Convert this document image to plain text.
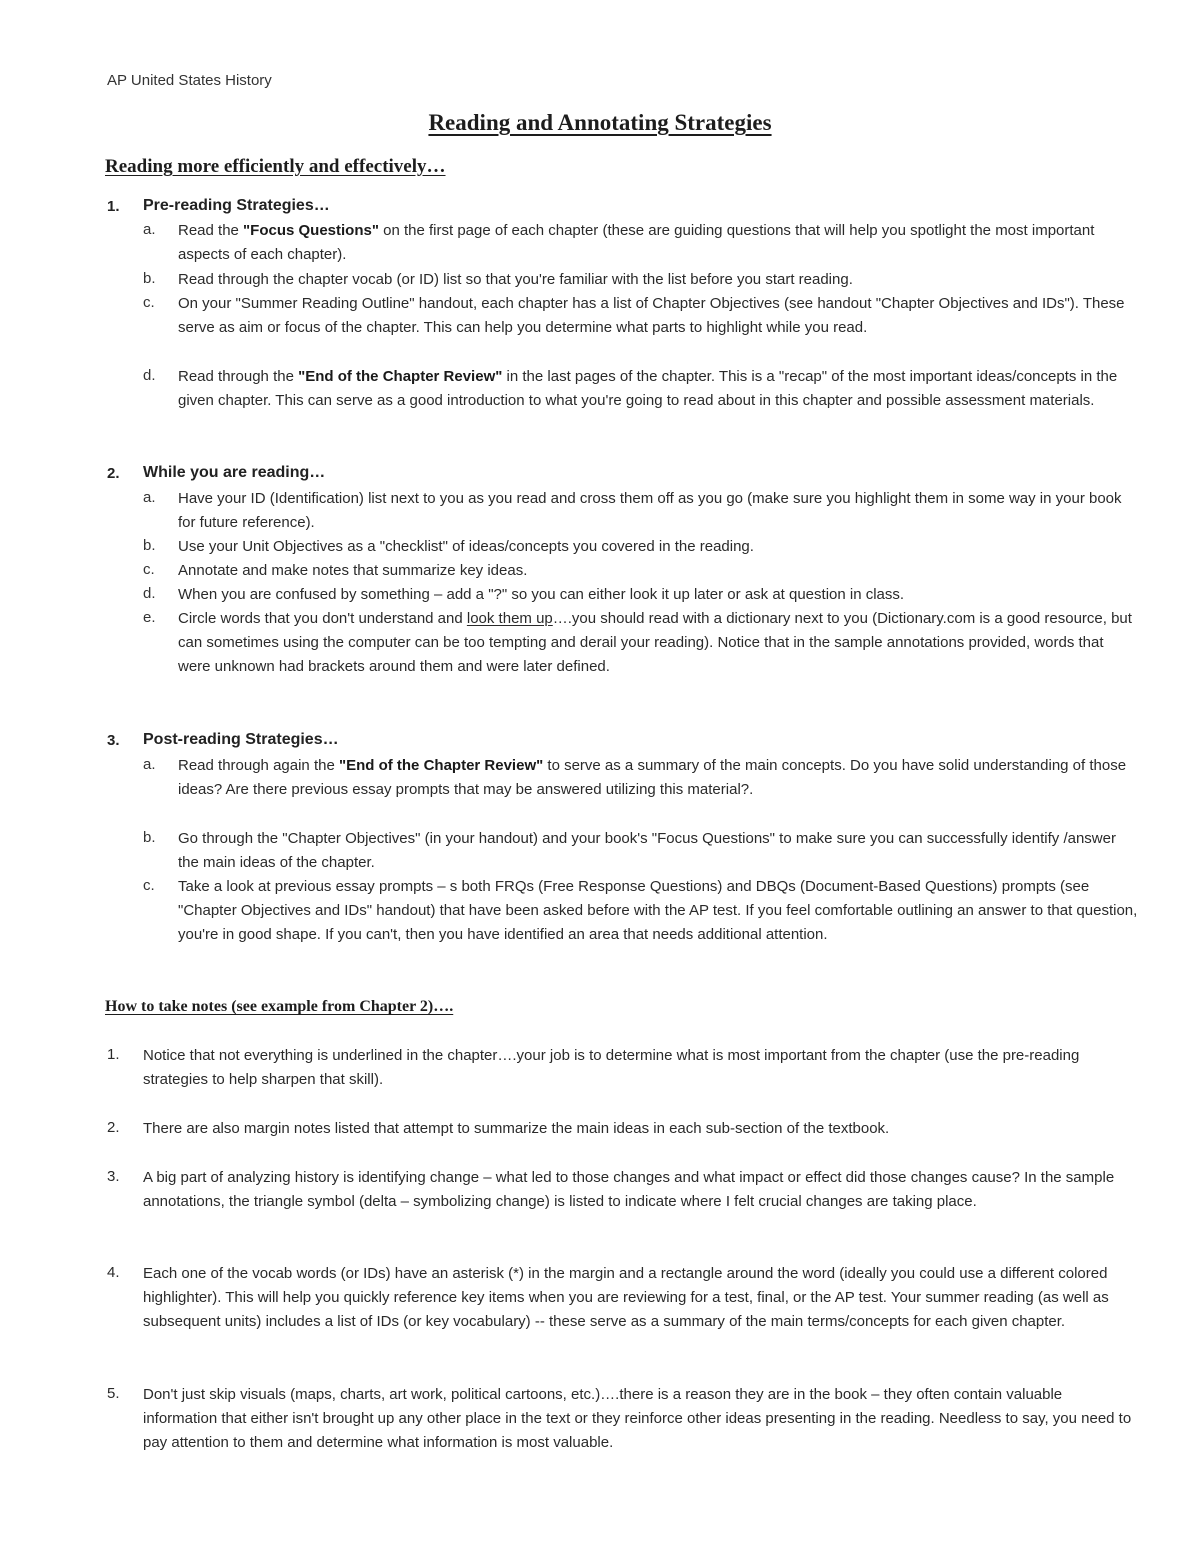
AP United States History
Reading and Annotating Strategies
Reading more efficiently and effectively…
1. Pre-reading Strategies…
a. Read the "Focus Questions" on the first page of each chapter (these are guiding questions that will help you spotlight the most important aspects of each chapter).
b. Read through the chapter vocab (or ID) list so that you're familiar with the list before you start reading.
c. On your "Summer Reading Outline" handout, each chapter has a list of Chapter Objectives (see handout "Chapter Objectives and IDs"). These serve as aim or focus of the chapter. This can help you determine what parts to highlight while you read.
d. Read through the "End of the Chapter Review" in the last pages of the chapter. This is a "recap" of the most important ideas/concepts in the given chapter. This can serve as a good introduction to what you're going to read about in this chapter and possible assessment materials.
2. While you are reading…
a. Have your ID (Identification) list next to you as you read and cross them off as you go (make sure you highlight them in some way in your book for future reference).
b. Use your Unit Objectives as a "checklist" of ideas/concepts you covered in the reading.
c. Annotate and make notes that summarize key ideas.
d. When you are confused by something – add a "?" so you can either look it up later or ask at question in class.
e. Circle words that you don't understand and look them up….you should read with a dictionary next to you (Dictionary.com is a good resource, but can sometimes using the computer can be too tempting and derail your reading). Notice that in the sample annotations provided, words that were unknown had brackets around them and were later defined.
3. Post-reading Strategies…
a. Read through again the "End of the Chapter Review" to serve as a summary of the main concepts. Do you have solid understanding of those ideas? Are there previous essay prompts that may be answered utilizing this material?.
b. Go through the "Chapter Objectives" (in your handout) and your book's "Focus Questions" to make sure you can successfully identify /answer the main ideas of the chapter.
c. Take a look at previous essay prompts – s both FRQs (Free Response Questions) and DBQs (Document-Based Questions) prompts (see "Chapter Objectives and IDs" handout) that have been asked before with the AP test. If you feel comfortable outlining an answer to that question, you're in good shape. If you can't, then you have identified an area that needs additional attention.
How to take notes (see example from Chapter 2)….
1. Notice that not everything is underlined in the chapter….your job is to determine what is most important from the chapter (use the pre-reading strategies to help sharpen that skill).
2. There are also margin notes listed that attempt to summarize the main ideas in each sub-section of the textbook.
3. A big part of analyzing history is identifying change – what led to those changes and what impact or effect did those changes cause? In the sample annotations, the triangle symbol (delta – symbolizing change) is listed to indicate where I felt crucial changes are taking place.
4. Each one of the vocab words (or IDs) have an asterisk (*) in the margin and a rectangle around the word (ideally you could use a different colored highlighter). This will help you quickly reference key items when you are reviewing for a test, final, or the AP test. Your summer reading (as well as subsequent units) includes a list of IDs (or key vocabulary) -- these serve as a summary of the main terms/concepts for each given chapter.
5. Don't just skip visuals (maps, charts, art work, political cartoons, etc.)….there is a reason they are in the book – they often contain valuable information that either isn't brought up any other place in the text or they reinforce other ideas presenting in the reading. Needless to say, you need to pay attention to them and determine what information is most valuable.
